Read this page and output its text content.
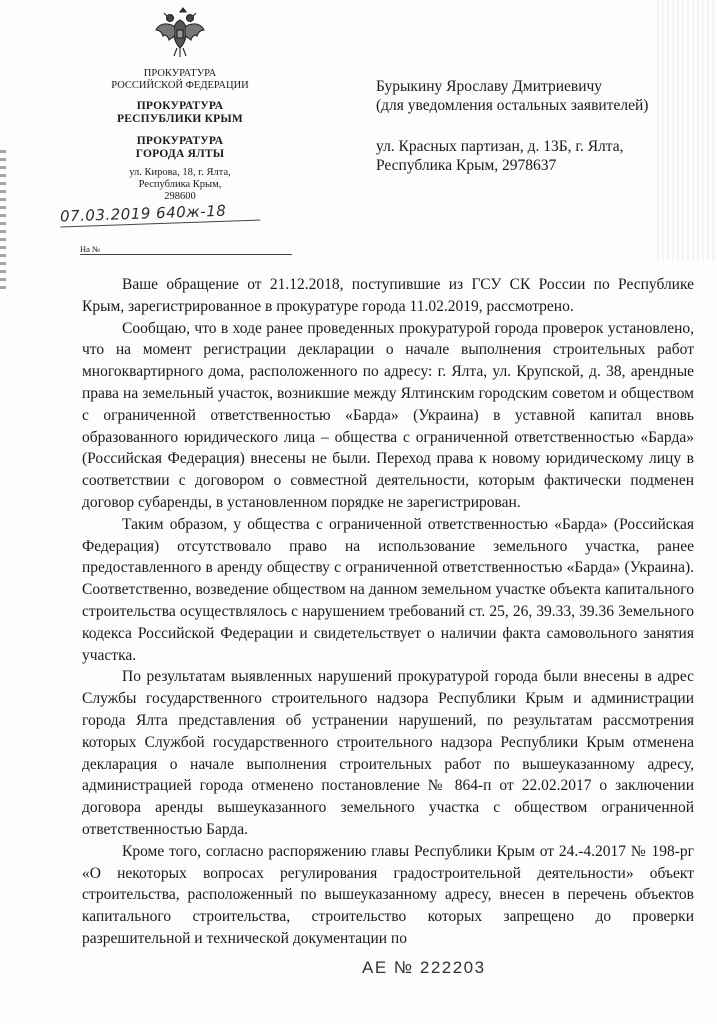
ПРОКУРАТУРА
РОССИЙСКОЙ ФЕДЕРАЦИИ
ПРОКУРАТУРА
РЕСПУБЛИКИ КРЫМ
ПРОКУРАТУРА
ГОРОДА ЯЛТЫ
ул. Кирова, 18, г. Ялта,
Республика Крым,
298600
Бурыкину Ярославу Дмитриевичу
(для уведомления остальных заявителей)
ул. Красных партизан, д. 13Б, г. Ялта,
Республика Крым, 2978637
07.03.2019 640ж-18
На №

Ваше обращение от 21.12.2018, поступившие из ГСУ СК России по Республике Крым, зарегистрированное в прокуратуре города 11.02.2019, рассмотрено.

Сообщаю, что в ходе ранее проведенных прокуратурой города проверок установлено, что на момент регистрации декларации о начале выполнения строительных работ многоквартирного дома, расположенного по адресу: г. Ялта, ул. Крупской, д. 38, арендные права на земельный участок, возникшие между Ялтинским городским советом и обществом с ограниченной ответственностью «Барда» (Украина) в уставной капитал вновь образованного юридического лица – общества с ограниченной ответственностью «Барда» (Российская Федерация) внесены не были. Переход права к новому юридическому лицу в соответствии с договором о совместной деятельности, которым фактически подменен договор субаренды, в установленном порядке не зарегистрирован.

Таким образом, у общества с ограниченной ответственностью «Барда» (Российская Федерация) отсутствовало право на использование земельного участка, ранее предоставленного в аренду обществу с ограниченной ответственностью «Барда» (Украина). Соответственно, возведение обществом на данном земельном участке объекта капитального строительства осуществлялось с нарушением требований ст. 25, 26, 39.33, 39.36 Земельного кодекса Российской Федерации и свидетельствует о наличии факта самовольного занятия участка.

По результатам выявленных нарушений прокуратурой города были внесены в адрес Службы государственного строительного надзора Республики Крым и администрации города Ялта представления об устранении нарушений, по результатам рассмотрения которых Службой государственного строительного надзора Республики Крым отменена декларация о начале выполнения строительных работ по вышеуказанному адресу, администрацией города отменено постановление № 864-п от 22.02.2017 о заключении договора аренды вышеуказанного земельного участка с обществом ограниченной ответственностью Барда.

Кроме того, согласно распоряжению главы Республики Крым от 24.-4.2017 № 198-рг «О некоторых вопросах регулирования градостроительной деятельности» объект строительства, расположенный по вышеуказанному адресу, внесен в перечень объектов капитального строительства, строительство которых запрещено до проверки разрешительной и технической документации по

АЕ № 222203
